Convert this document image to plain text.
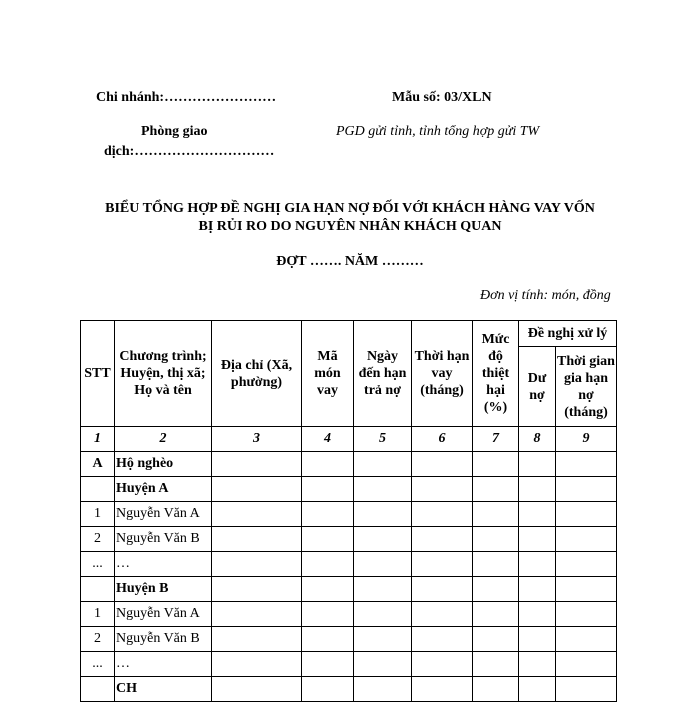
Chi nhánh:……………………	Mẫu số: 03/XLN
Phòng giao
dịch:…………………………
PGD gửi tỉnh, tỉnh tổng hợp gửi TW
BIỂU TỔNG HỢP ĐỀ NGHỊ GIA HẠN NỢ ĐỐI VỚI KHÁCH HÀNG VAY VỐN
BỊ RỦI RO DO NGUYÊN NHÂN KHÁCH QUAN
ĐỢT ……. NĂM ………
Đơn vị tính: món, đồng
STT	Chương trình; Huyện, thị xã; Họ và tên	Địa chỉ (Xã, phường)	Mã món vay	Ngày đến hạn trả nợ	Thời hạn vay (tháng)	Mức độ thiệt hại (%)	Đề nghị xử lý	
							Dư nợ	Thời gian gia hạn nợ (tháng)
1	2	3	4	5	6	7	8	9
A	Hộ nghèo							
	Huyện A							
1	Nguyễn Văn A							
2	Nguyễn Văn B							
...	…							
	Huyện B							
1	Nguyễn Văn A							
2	Nguyễn Văn B							
...	…							
	CH							
